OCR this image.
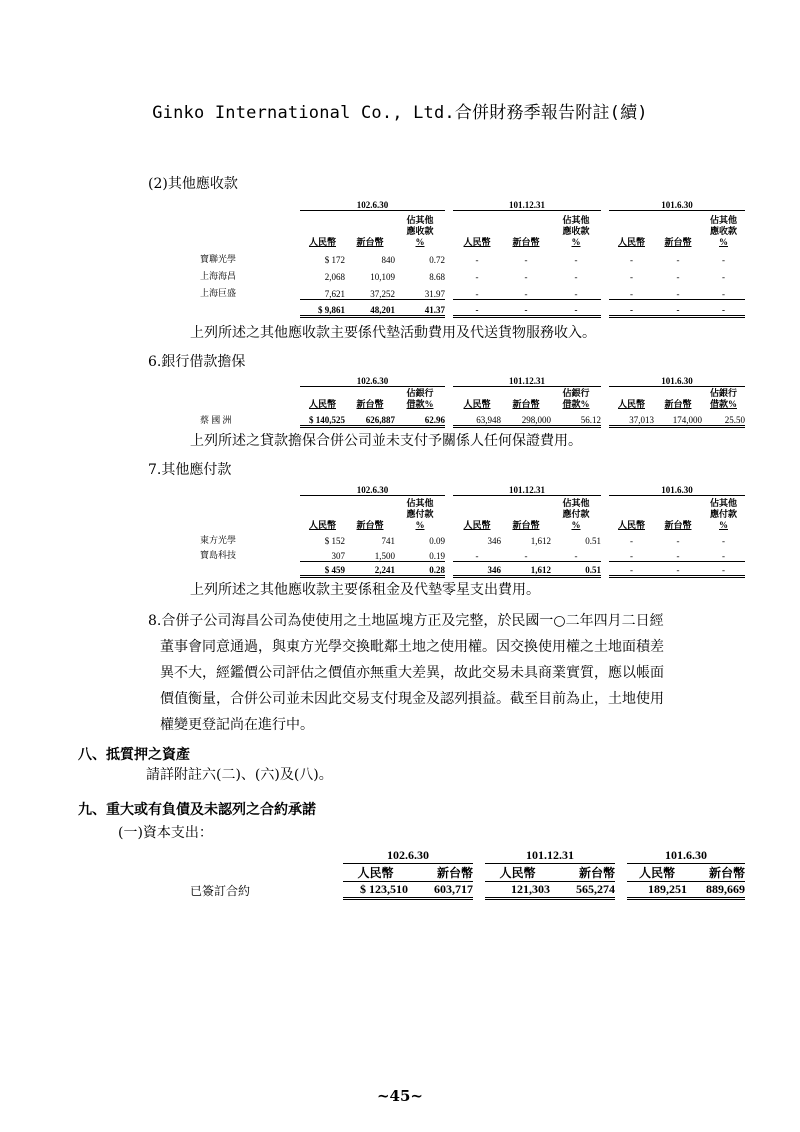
Ginko International Co., Ltd.合併財務季報告附註(續)
(2)其他應收款
	102.6.30				101.12.31				101.6.30		
	人民幣	新台幣	佔其他
應收款
%		人民幣	新台幣	佔其他
應收款
%		人民幣	新台幣	佔其他
應收款
%
寶聯光學	$ 172	840	0.72		-	-	-		-	-	-
上海海昌	2,068	10,109	8.68		-	-	-		-	-	-
上海巨盛	7,621	37,252	31.97		-	-	-		-	-	-
	$ 9,861	48,201	41.37		-	-	-		-	-	-
上列所述之其他應收款主要係代墊活動費用及代送貨物服務收入。
6.銀行借款擔保
	102.6.30				101.12.31				101.6.30		
	人民幣	新台幣	佔銀行
借款%		人民幣	新台幣	佔銀行
借款%		人民幣	新台幣	佔銀行
借款%
蔡 國 洲	$ 140,525	626,887	62.96		63,948	298,000	56.12		37,013	174,000	25.50
上列所述之貸款擔保合併公司並未支付予關係人任何保證費用。
7.其他應付款
	102.6.30				101.12.31				101.6.30		
	人民幣	新台幣	佔其他
應付款
%		人民幣	新台幣	佔其他
應付款
%		人民幣	新台幣	佔其他
應付款
%
東方光學	$ 152	741	0.09		346	1,612	0.51		-	-	-
寶島科技	307	1,500	0.19		-	-	-		-	-	-
	$ 459	2,241	0.28		346	1,612	0.51		-	-	-
上列所述之其他應收款主要係租金及代墊零星支出費用。
8.合併子公司海昌公司為使使用之土地區塊方正及完整，於民國一○二年四月二日經
董事會同意通過，與東方光學交換毗鄰土地之使用權。因交換使用權之土地面積差
異不大，經鑑價公司評估之價值亦無重大差異，故此交易未具商業實質，應以帳面
價值衡量，合併公司並未因此交易支付現金及認列損益。截至目前為止，土地使用
權變更登記尚在進行中。
八、抵質押之資產
請詳附註六(二)、(六)及(八)。
九、重大或有負債及未認列之合約承諾
(一)資本支出：
	102.6.30			101.12.31			101.6.30	
	人民幣	新台幣		人民幣	新台幣		人民幣	新台幣
已簽訂合約	$ 123,510	603,717		121,303	565,274		189,251	889,669
~45~
